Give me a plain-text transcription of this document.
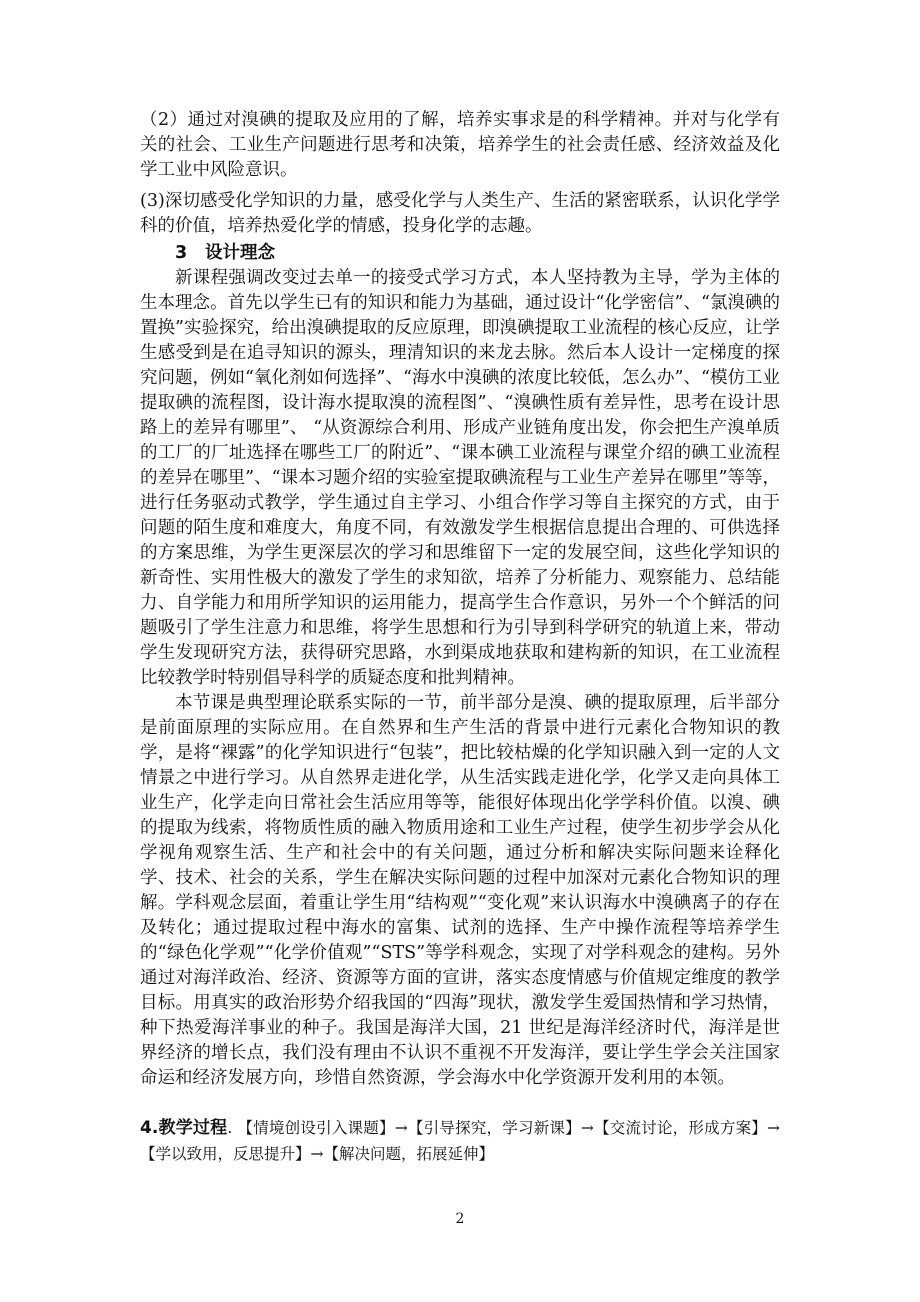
（2）通过对溴碘的提取及应用的了解，培养实事求是的科学精神。并对与化学有关的社会、工业生产问题进行思考和决策，培养学生的社会责任感、经济效益及化学工业中风险意识。

(3)深切感受化学知识的力量，感受化学与人类生产、生活的紧密联系，认识化学学科的价值，培养热爱化学的情感，投身化学的志趣。

3 设计理念

新课程强调改变过去单一的接受式学习方式，本人坚持教为主导，学为主体的生本理念。首先以学生已有的知识和能力为基础，通过设计“化学密信”、“氯溴碘的置换”实验探究，给出溴碘提取的反应原理，即溴碘提取工业流程的核心反应，让学生感受到是在追寻知识的源头，理清知识的来龙去脉。然后本人设计一定梯度的探究问题，例如“氧化剂如何选择”、“海水中溴碘的浓度比较低，怎么办”、“模仿工业提取碘的流程图，设计海水提取溴的流程图”、“溴碘性质有差异性，思考在设计思路上的差异有哪里”、 “从资源综合利用、形成产业链角度出发，你会把生产溴单质的工厂的厂址选择在哪些工厂的附近”、“课本碘工业流程与课堂介绍的碘工业流程的差异在哪里”、“课本习题介绍的实验室提取碘流程与工业生产差异在哪里”等等，进行任务驱动式教学，学生通过自主学习、小组合作学习等自主探究的方式，由于问题的陌生度和难度大，角度不同，有效激发学生根据信息提出合理的、可供选择的方案思维，为学生更深层次的学习和思维留下一定的发展空间，这些化学知识的新奇性、实用性极大的激发了学生的求知欲，培养了分析能力、观察能力、总结能力、自学能力和用所学知识的运用能力，提高学生合作意识，另外一个个鲜活的问题吸引了学生注意力和思维，将学生思想和行为引导到科学研究的轨道上来，带动学生发现研究方法，获得研究思路，水到渠成地获取和建构新的知识，在工业流程比较教学时特别倡导科学的质疑态度和批判精神。

本节课是典型理论联系实际的一节，前半部分是溴、碘的提取原理，后半部分是前面原理的实际应用。在自然界和生产生活的背景中进行元素化合物知识的教学，是将“裸露”的化学知识进行“包装”，把比较枯燥的化学知识融入到一定的人文情景之中进行学习。从自然界走进化学，从生活实践走进化学，化学又走向具体工业生产，化学走向日常社会生活应用等等，能很好体现出化学学科价值。以溴、碘的提取为线索，将物质性质的融入物质用途和工业生产过程，使学生初步学会从化学视角观察生活、生产和社会中的有关问题，通过分析和解决实际问题来诠释化学、技术、社会的关系，学生在解决实际问题的过程中加深对元素化合物知识的理解。学科观念层面，着重让学生用“结构观”“变化观”来认识海水中溴碘离子的存在及转化；通过提取过程中海水的富集、试剂的选择、生产中操作流程等培养学生的“绿色化学观”“化学价值观”“STS”等学科观念，实现了对学科观念的建构。另外通过对海洋政治、经济、资源等方面的宣讲，落实态度情感与价值规定维度的教学目标。用真实的政治形势介绍我国的“四海”现状，激发学生爱国热情和学习热情，种下热爱海洋事业的种子。我国是海洋大国，21 世纪是海洋经济时代，海洋是世界经济的增长点，我们没有理由不认识不重视不开发海洋，要让学生学会关注国家命运和经济发展方向，珍惜自然资源，学会海水中化学资源开发利用的本领。

4.教学过程. 【情境创设引入课题】→【引导探究，学习新课】→【交流讨论，形成方案】→【学以致用，反思提升】→【解决问题，拓展延伸】

2
